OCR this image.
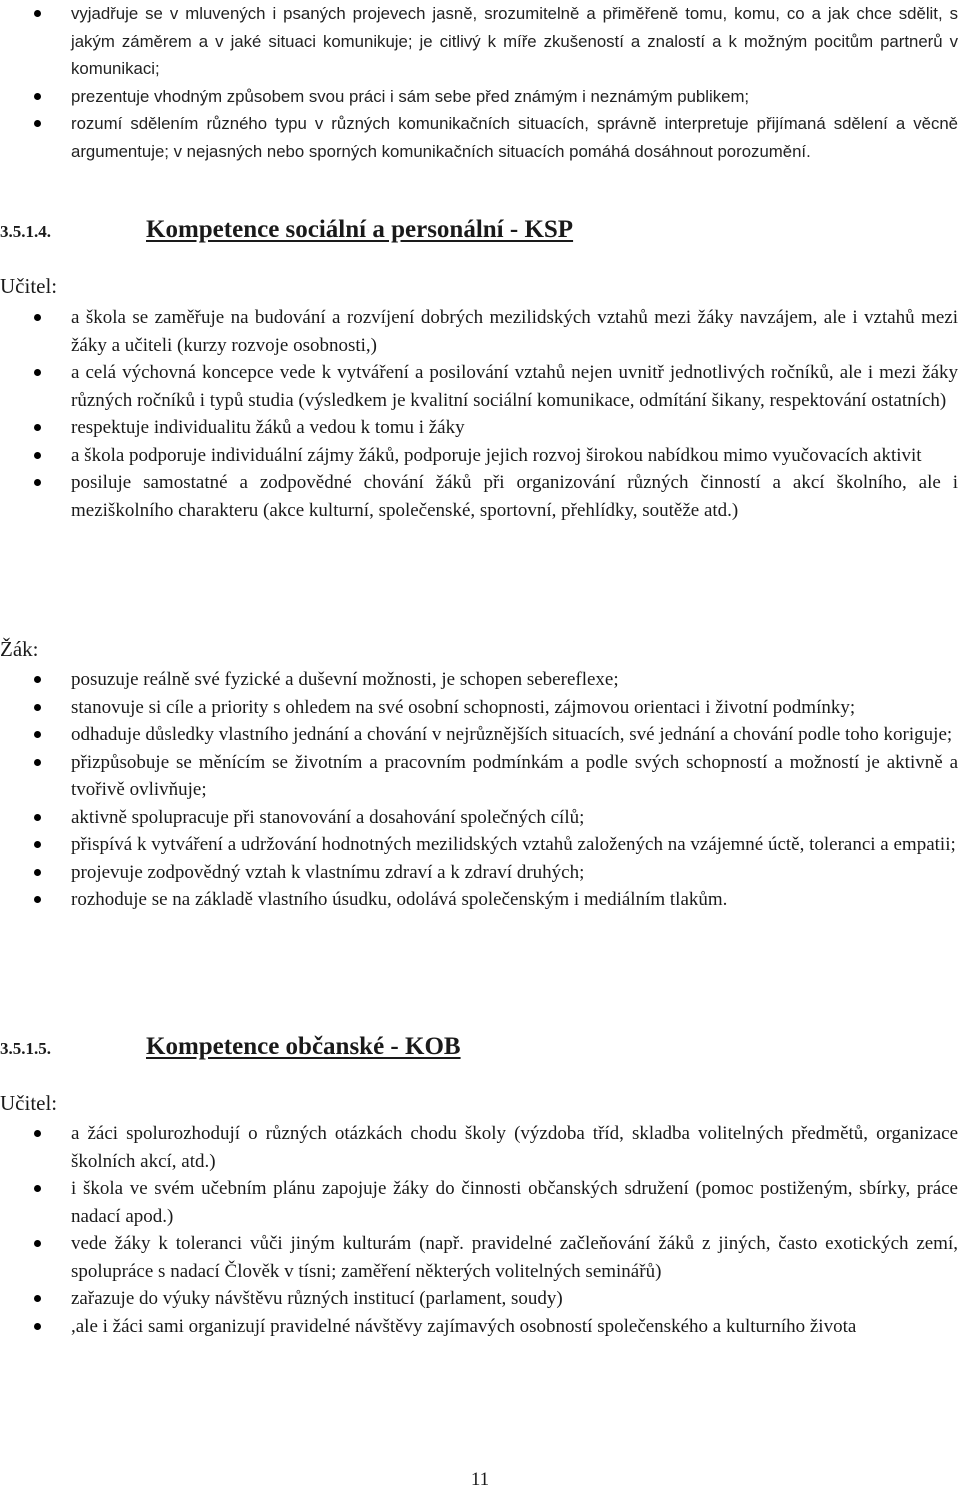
vyjadřuje se v mluvených i psaných projevech jasně, srozumitelně a přiměřeně tomu, komu, co a jak chce sdělit, s jakým záměrem a v jaké situaci komunikuje; je citlivý k míře zkušeností a znalostí a k možným pocitům partnerů v komunikaci;
prezentuje vhodným způsobem svou práci i sám sebe před známým i neznámým publikem;
rozumí sdělením různého typu v různých komunikačních situacích, správně interpretuje přijímaná sdělení a věcně argumentuje; v nejasných nebo sporných komunikačních situacích pomáhá dosáhnout porozumění.
3.5.1.4.	Kompetence sociální a personální - KSP
Učitel:
a škola se zaměřuje na budování a rozvíjení dobrých mezilidských vztahů mezi žáky navzájem, ale i vztahů mezi žáky a učiteli (kurzy rozvoje osobnosti,)
a celá výchovná koncepce vede k vytváření a posilování vztahů nejen uvnitř jednotlivých ročníků, ale i mezi žáky různých ročníků i typů studia (výsledkem je kvalitní sociální komunikace, odmítání šikany, respektování ostatních)
respektuje individualitu žáků a vedou k tomu i žáky
a škola podporuje individuální zájmy žáků, podporuje jejich rozvoj širokou nabídkou mimo vyučovacích aktivit
posiluje samostatné a zodpovědné chování žáků při organizování různých činností a akcí školního, ale i meziškolního charakteru (akce kulturní, společenské, sportovní, přehlídky, soutěže atd.)
Žák:
posuzuje reálně své fyzické a duševní možnosti, je schopen sebereflexe;
stanovuje si cíle a priority s ohledem na své osobní schopnosti, zájmovou orientaci i životní podmínky;
odhaduje důsledky vlastního jednání a chování v nejrůznějších situacích, své jednání a chování podle toho koriguje;
přizpůsobuje se měnícím se životním a pracovním podmínkám a podle svých schopností a možností je aktivně a tvořivě ovlivňuje;
aktivně spolupracuje při stanovování a dosahování společných cílů;
přispívá k vytváření a udržování hodnotných mezilidských vztahů založených na vzájemné úctě, toleranci a empatii;
projevuje zodpovědný vztah k vlastnímu zdraví a k zdraví druhých;
rozhoduje se na základě vlastního úsudku, odolává společenským i mediálním tlakům.
3.5.1.5.	Kompetence občanské - KOB
Učitel:
a žáci spolurozhodují o různých otázkách chodu školy (výzdoba tříd, skladba volitelných předmětů, organizace školních akcí, atd.)
i škola ve svém učebním plánu zapojuje žáky do činnosti občanských sdružení (pomoc postiženým, sbírky, práce nadací apod.)
vede žáky k toleranci vůči jiným kulturám (např. pravidelné začleňování žáků z jiných, často exotických zemí, spolupráce s nadací Člověk v tísni; zaměření některých volitelných seminářů)
zařazuje do výuky návštěvu různých institucí (parlament, soudy)
,ale i žáci sami organizují pravidelné návštěvy zajímavých osobností společenského a kulturního života
11
